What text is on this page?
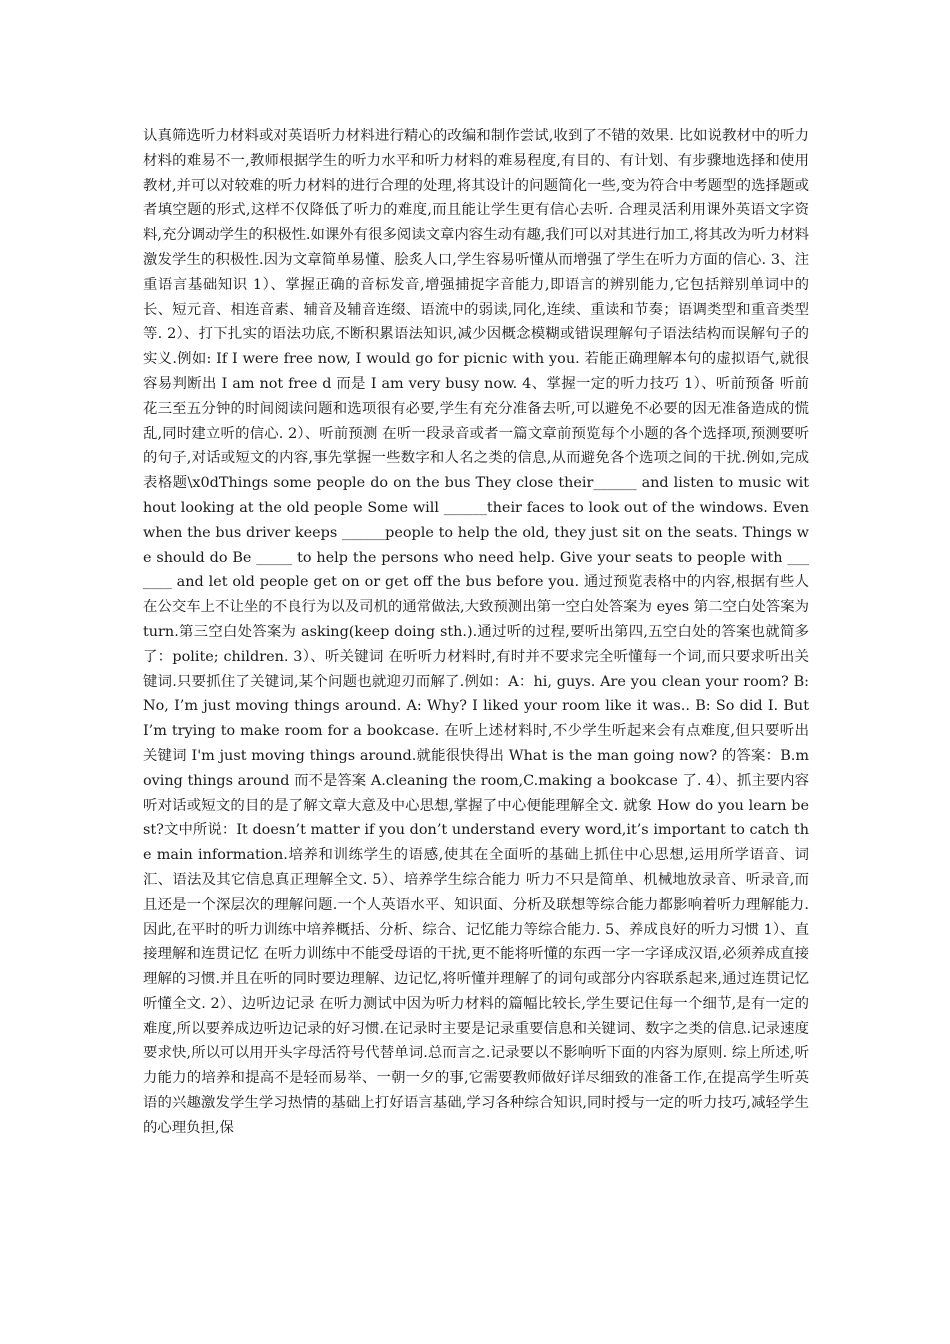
认真筛选听力材料或对英语听力材料进行精心的改编和制作尝试,收到了不错的效果. 比如说教材中的听力材料的难易不一,教师根据学生的听力水平和听力材料的难易程度,有目的、有计划、有步骤地选择和使用教材,并可以对较难的听力材料的进行合理的处理,将其设计的问题简化一些,变为符合中考题型的选择题或者填空题的形式,这样不仅降低了听力的难度,而且能让学生更有信心去听. 合理灵活利用课外英语文字资料,充分调动学生的积极性.如课外有很多阅读文章内容生动有趣,我们可以对其进行加工,将其改为听力材料激发学生的积极性.因为文章简单易懂、脍炙人口,学生容易听懂从而增强了学生在听力方面的信心. 3、注重语言基础知识 1）、掌握正确的音标发音,增强捕捉字音能力,即语言的辨别能力,它包括辩别单词中的长、短元音、相连音素、辅音及辅音连缀、语流中的弱读,同化,连续、重读和节奏；语调类型和重音类型等. 2）、打下扎实的语法功底,不断积累语法知识,减少因概念模糊或错误理解句子语法结构而误解句子的实义.例如: If I were free now, I would go for picnic with you. 若能正确理解本句的虚拟语气,就很容易判断出 I am not free d 而是 I am very busy now. 4、掌握一定的听力技巧 1）、听前预备 听前花三至五分钟的时间阅读问题和选项很有必要,学生有充分准备去听,可以避免不必要的因无准备造成的慌乱,同时建立听的信心. 2）、听前预测 在听一段录音或者一篇文章前预览每个小题的各个选择项,预测要听的句子,对话或短文的内容,事先掌握一些数字和人名之类的信息,从而避免各个选项之间的干扰.例如,完成表格题\x0dThings some people do on the bus They close their______ and listen to music without looking at the old people Some will ______their faces to look out of the windows. Even when the bus driver keeps ______people to help the old, they just sit on the seats. Things we should do Be _____ to help the persons who need help. Give your seats to people with _______ and let old people get on or get off the bus before you. 通过预览表格中的内容,根据有些人在公交车上不让坐的不良行为以及司机的通常做法,大致预测出第一空白处答案为 eyes 第二空白处答案为 turn.第三空白处答案为 asking(keep doing sth.).通过听的过程,要听出第四,五空白处的答案也就简多了：polite; children. 3）、听关键词 在听听力材料时,有时并不要求完全听懂每一个词,而只要求听出关键词.只要抓住了关键词,某个问题也就迎刃而解了.例如：A：hi, guys. Are you clean your room? B: No, I’m just moving things around. A: Why? I liked your room like it was.. B: So did I. But I’m trying to make room for a bookcase. 在听上述材料时,不少学生听起来会有点难度,但只要听出关键词 I'm just moving things around.就能很快得出 What is the man going now? 的答案：B.moving things around 而不是答案 A.cleaning the room,C.making a bookcase 了. 4）、抓主要内容 听对话或短文的目的是了解文章大意及中心思想,掌握了中心便能理解全文. 就象 How do you learn best?文中所说：It doesn’t matter if you don’t understand every word,it’s important to catch the main information.培养和训练学生的语感,使其在全面听的基础上抓住中心思想,运用所学语音、词汇、语法及其它信息真正理解全文. 5）、培养学生综合能力 听力不只是简单、机械地放录音、听录音,而且还是一个深层次的理解问题.一个人英语水平、知识面、分析及联想等综合能力都影响着听力理解能力.因此,在平时的听力训练中培养概括、分析、综合、记忆能力等综合能力. 5、养成良好的听力习惯 1）、直接理解和连贯记忆 在听力训练中不能受母语的干扰,更不能将听懂的东西一字一字译成汉语,必须养成直接理解的习惯.并且在听的同时要边理解、边记忆,将听懂并理解了的词句或部分内容联系起来,通过连贯记忆听懂全文. 2）、边听边记录 在听力测试中因为听力材料的篇幅比较长,学生要记住每一个细节,是有一定的难度,所以要养成边听边记录的好习惯.在记录时主要是记录重要信息和关键词、数字之类的信息.记录速度要求快,所以可以用开头字母活符号代替单词.总而言之.记录要以不影响听下面的内容为原则. 综上所述,听力能力的培养和提高不是轻而易举、一朝一夕的事,它需要教师做好详尽细致的准备工作,在提高学生听英语的兴趣激发学生学习热情的基础上打好语言基础,学习各种综合知识,同时授与一定的听力技巧,减轻学生的心理负担,保
